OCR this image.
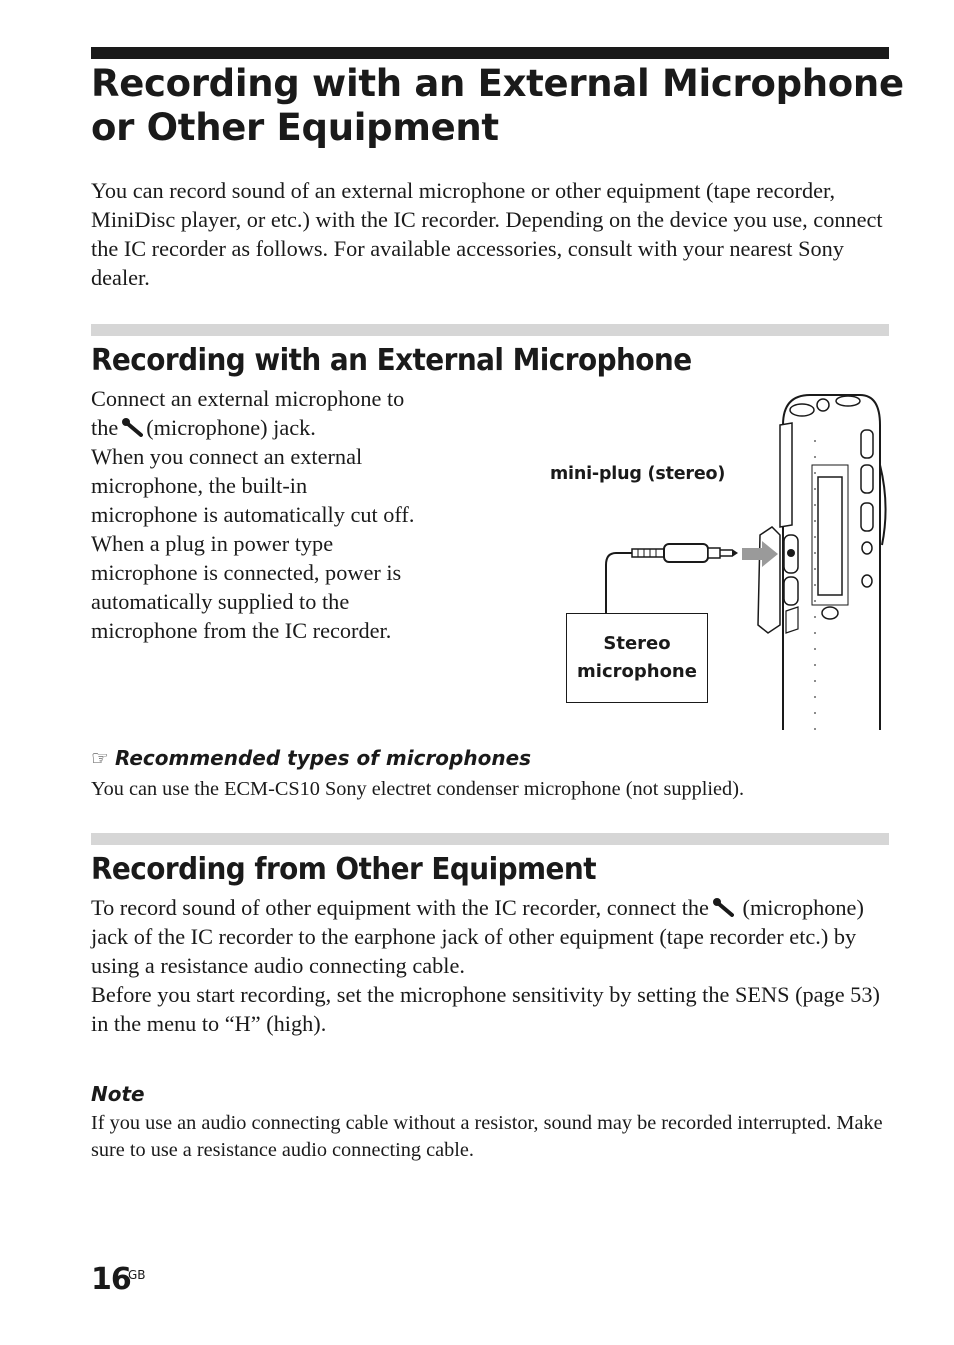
Recording with an External Microphone
or Other Equipment

You can record sound of an external microphone or other equipment (tape recorder, MiniDisc player, or etc.) with the IC recorder. Depending on the device you use, connect the IC recorder as follows. For available accessories, consult with your nearest Sony dealer.

Recording with an External Microphone
Connect an external microphone to
the (microphone) jack.
When you connect an external
microphone, the built-in
microphone is automatically cut off.
When a plug in power type
microphone is connected, power is
automatically supplied to the
microphone from the IC recorder.
mini-plug (stereo)
Stereo
microphone
☞ Recommended types of microphones

You can use the ECM-CS10 Sony electret condenser microphone (not supplied).

Recording from Other Equipment
To record sound of other equipment with the IC recorder, connect the (microphone) jack of the IC recorder to the earphone jack of other equipment (tape recorder etc.) by using a resistance audio connecting cable.
Before you start recording, set the microphone sensitivity by setting the SENS (page 53) in the menu to “H” (high).
Note

If you use an audio connecting cable without a resistor, sound may be recorded interrupted. Make sure to use a resistance audio connecting cable.

16
GB
